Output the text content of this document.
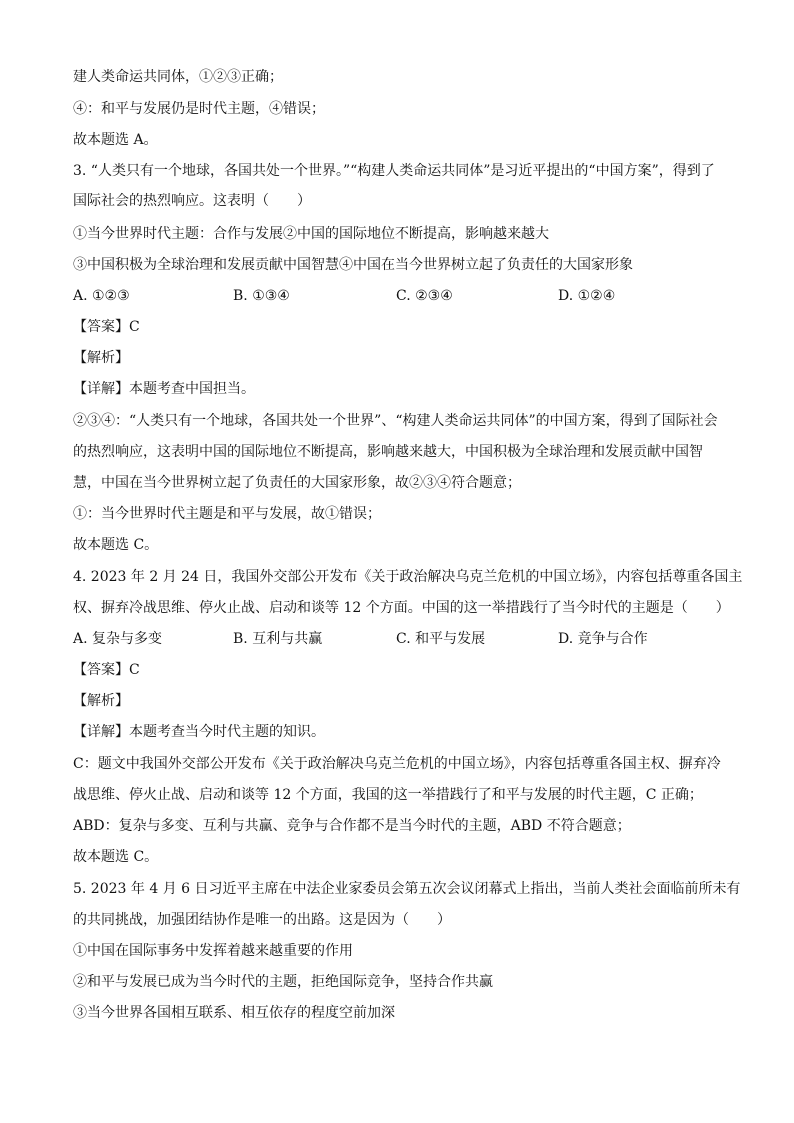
建人类命运共同体，①②③正确；
④：和平与发展仍是时代主题，④错误；
故本题选 A。
3. “人类只有一个地球，各国共处一个世界。”“构建人类命运共同体”是习近平提出的“中国方案”，得到了
国际社会的热烈响应。这表明（　　）
①当今世界时代主题：合作与发展②中国的国际地位不断提高，影响越来越大
③中国积极为全球治理和发展贡献中国智慧④中国在当今世界树立起了负责任的大国家形象
A. ①②③	B. ①③④	C. ②③④	D. ①②④
【答案】C
【解析】
【详解】本题考查中国担当。
②③④：“人类只有一个地球，各国共处一个世界”、“构建人类命运共同体”的中国方案，得到了国际社会
的热烈响应，这表明中国的国际地位不断提高，影响越来越大，中国积极为全球治理和发展贡献中国智
慧，中国在当今世界树立起了负责任的大国家形象，故②③④符合题意；
①：当今世界时代主题是和平与发展，故①错误；
故本题选 C。
4. 2023 年 2 月 24 日，我国外交部公开发布《关于政治解决乌克兰危机的中国立场》，内容包括尊重各国主
权、摒弃冷战思维、停火止战、启动和谈等 12 个方面。中国的这一举措践行了当今时代的主题是（　　）
A. 复杂与多变	B. 互利与共赢	C. 和平与发展	D. 竞争与合作
【答案】C
【解析】
【详解】本题考查当今时代主题的知识。
C：题文中我国外交部公开发布《关于政治解决乌克兰危机的中国立场》，内容包括尊重各国主权、摒弃冷
战思维、停火止战、启动和谈等 12 个方面，我国的这一举措践行了和平与发展的时代主题，C 正确；
ABD：复杂与多变、互利与共赢、竞争与合作都不是当今时代的主题，ABD 不符合题意；
故本题选 C。
5. 2023 年 4 月 6 日习近平主席在中法企业家委员会第五次会议闭幕式上指出，当前人类社会面临前所未有
的共同挑战，加强团结协作是唯一的出路。这是因为（　　）
①中国在国际事务中发挥着越来越重要的作用
②和平与发展已成为当今时代的主题，拒绝国际竞争，坚持合作共赢
③当今世界各国相互联系、相互依存的程度空前加深
